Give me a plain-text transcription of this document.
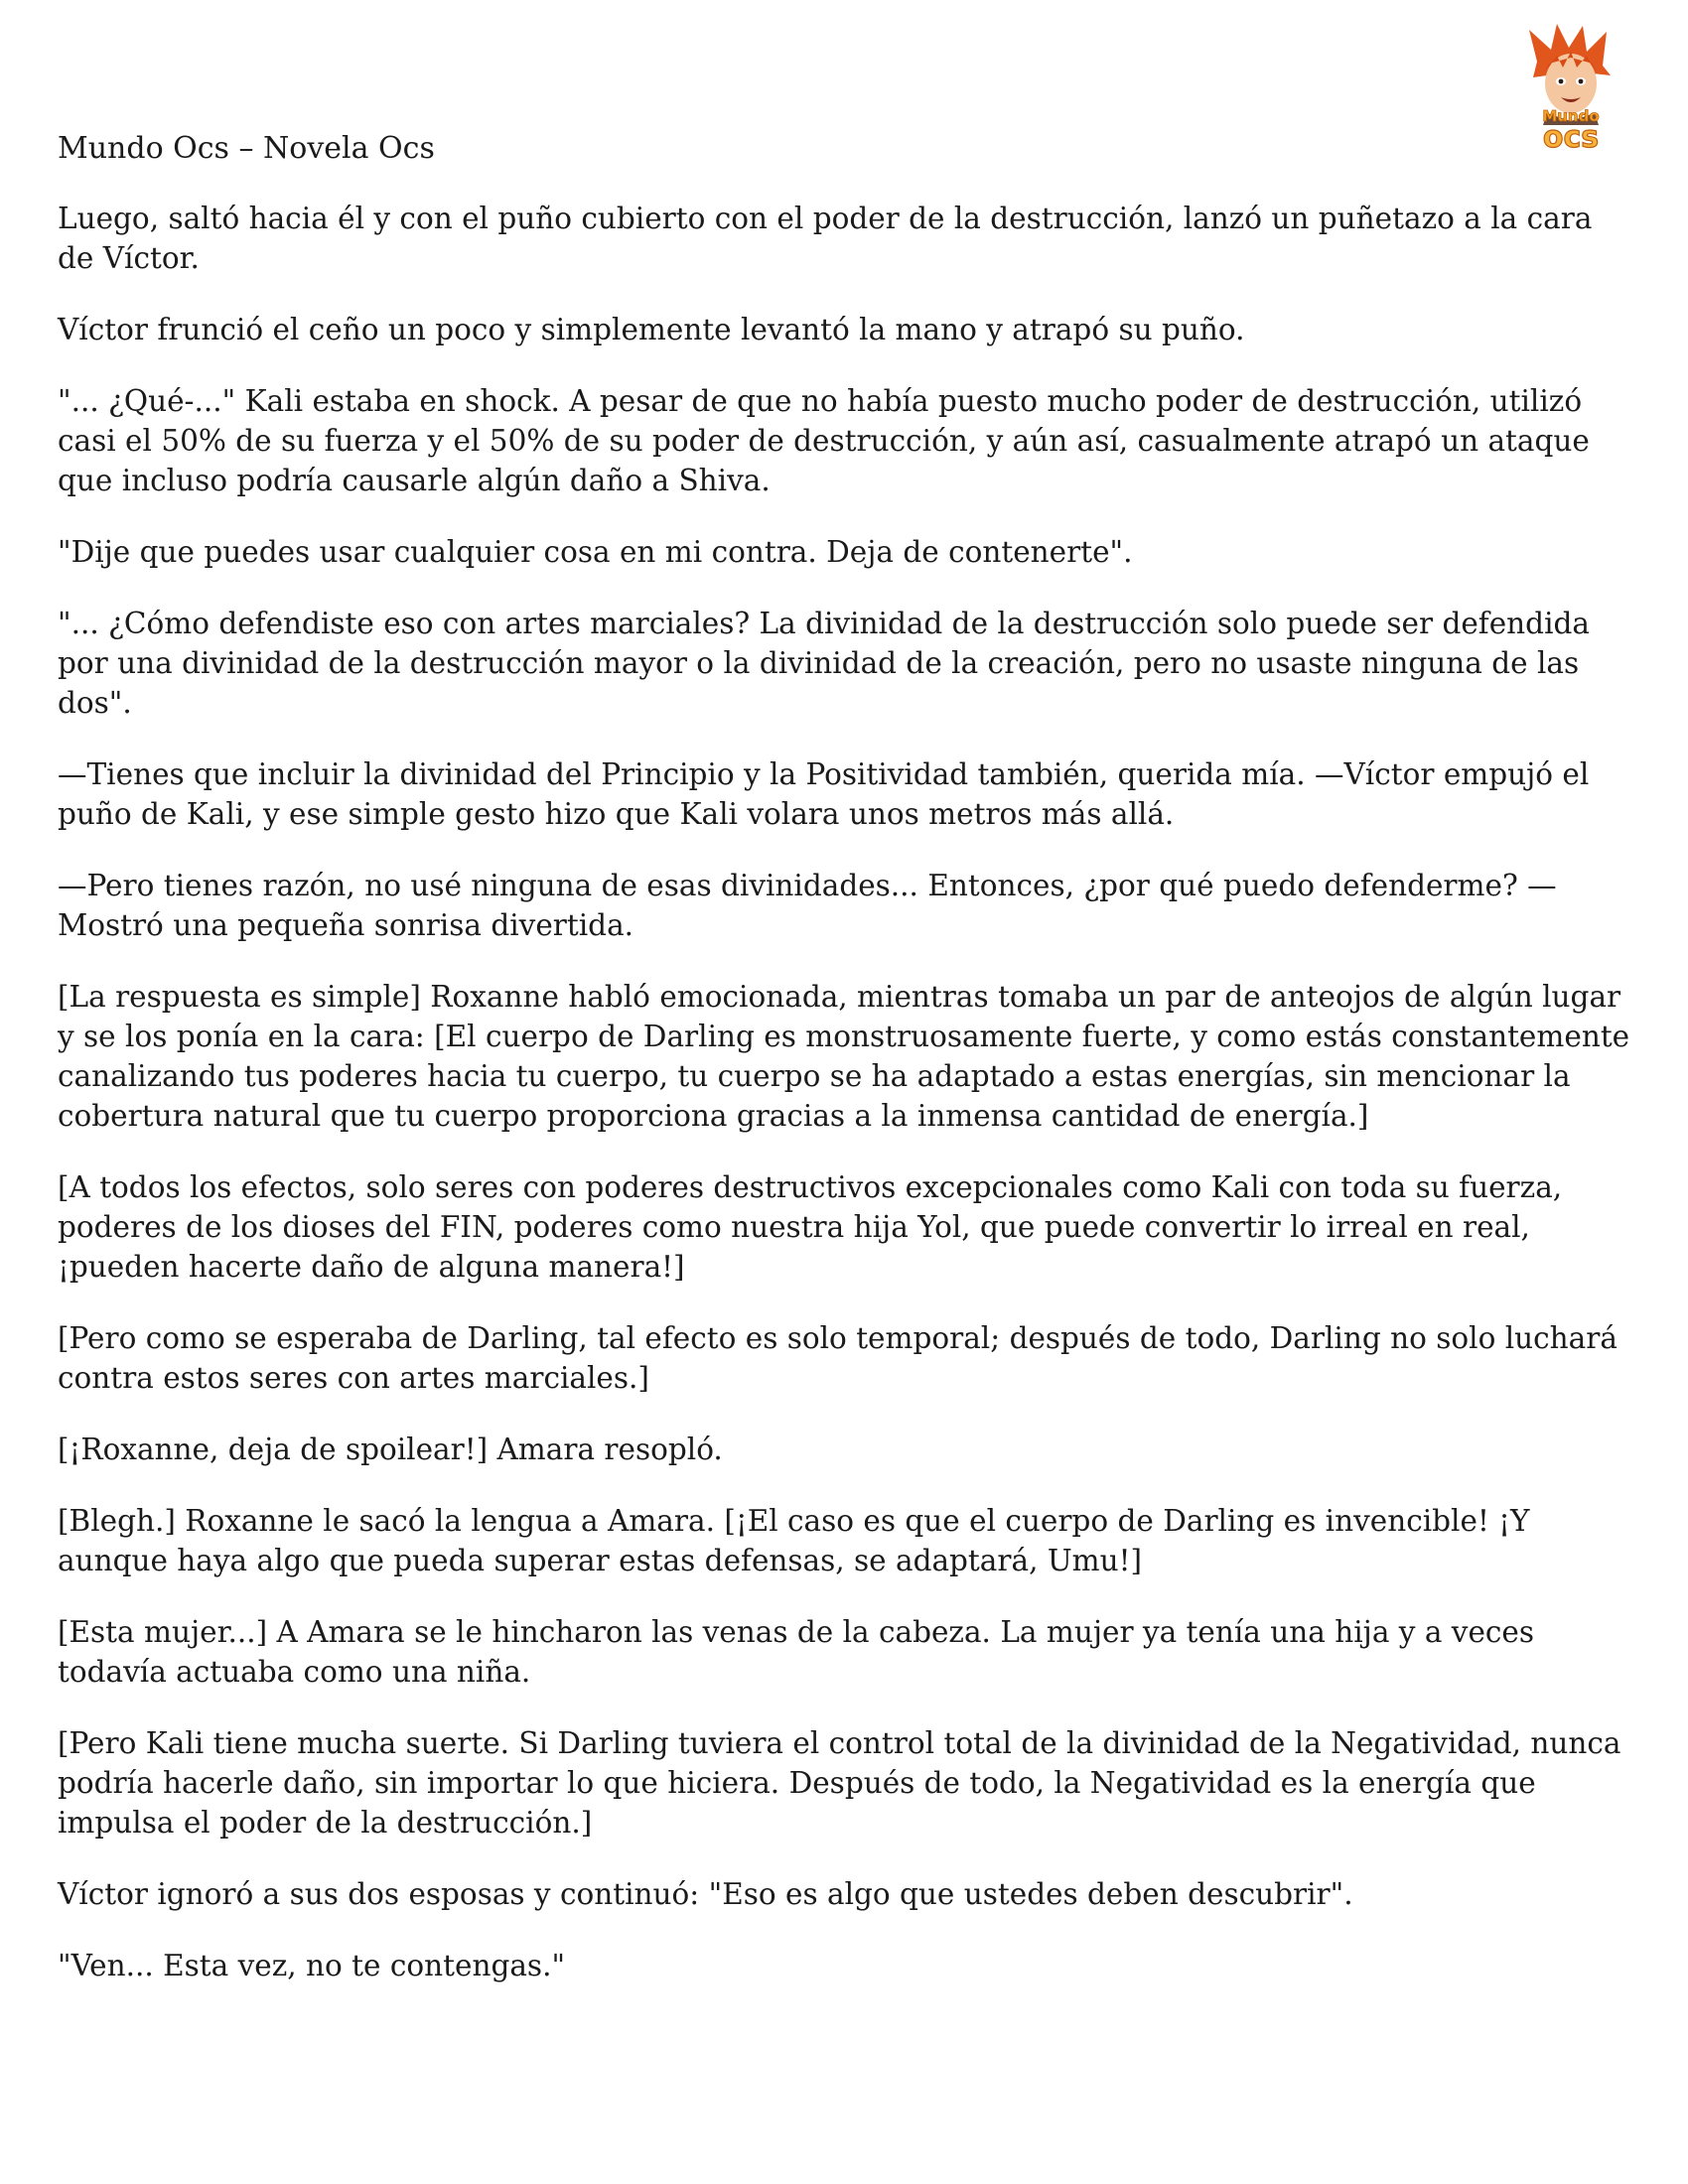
Mundo
ocs
Mundo Ocs – Novela Ocs

Luego, saltó hacia él y con el puño cubierto con el poder de la destrucción, lanzó un puñetazo a la cara de Víctor.

Víctor frunció el ceño un poco y simplemente levantó la mano y atrapó su puño.

"... ¿Qué-..." Kali estaba en shock. A pesar de que no había puesto mucho poder de destrucción, utilizó casi el 50% de su fuerza y el 50% de su poder de destrucción, y aún así, casualmente atrapó un ataque que incluso podría causarle algún daño a Shiva.

"Dije que puedes usar cualquier cosa en mi contra. Deja de contenerte".

"... ¿Cómo defendiste eso con artes marciales? La divinidad de la destrucción solo puede ser defendida por una divinidad de la destrucción mayor o la divinidad de la creación, pero no usaste ninguna de las dos".

—Tienes que incluir la divinidad del Principio y la Positividad también, querida mía. —Víctor empujó el puño de Kali, y ese simple gesto hizo que Kali volara unos metros más allá.

—Pero tienes razón, no usé ninguna de esas divinidades... Entonces, ¿por qué puedo defenderme? —Mostró una pequeña sonrisa divertida.

[La respuesta es simple] Roxanne habló emocionada, mientras tomaba un par de anteojos de algún lugar y se los ponía en la cara: [El cuerpo de Darling es monstruosamente fuerte, y como estás constantemente canalizando tus poderes hacia tu cuerpo, tu cuerpo se ha adaptado a estas energías, sin mencionar la cobertura natural que tu cuerpo proporciona gracias a la inmensa cantidad de energía.]

[A todos los efectos, solo seres con poderes destructivos excepcionales como Kali con toda su fuerza, poderes de los dioses del FIN, poderes como nuestra hija Yol, que puede convertir lo irreal en real, ¡pueden hacerte daño de alguna manera!]

[Pero como se esperaba de Darling, tal efecto es solo temporal; después de todo, Darling no solo luchará contra estos seres con artes marciales.]

[¡Roxanne, deja de spoilear!] Amara resopló.

[Blegh.] Roxanne le sacó la lengua a Amara. [¡El caso es que el cuerpo de Darling es invencible! ¡Y aunque haya algo que pueda superar estas defensas, se adaptará, Umu!]

[Esta mujer...] A Amara se le hincharon las venas de la cabeza. La mujer ya tenía una hija y a veces todavía actuaba como una niña.

[Pero Kali tiene mucha suerte. Si Darling tuviera el control total de la divinidad de la Negatividad, nunca podría hacerle daño, sin importar lo que hiciera. Después de todo, la Negatividad es la energía que impulsa el poder de la destrucción.]

Víctor ignoró a sus dos esposas y continuó: "Eso es algo que ustedes deben descubrir".

"Ven... Esta vez, no te contengas."
